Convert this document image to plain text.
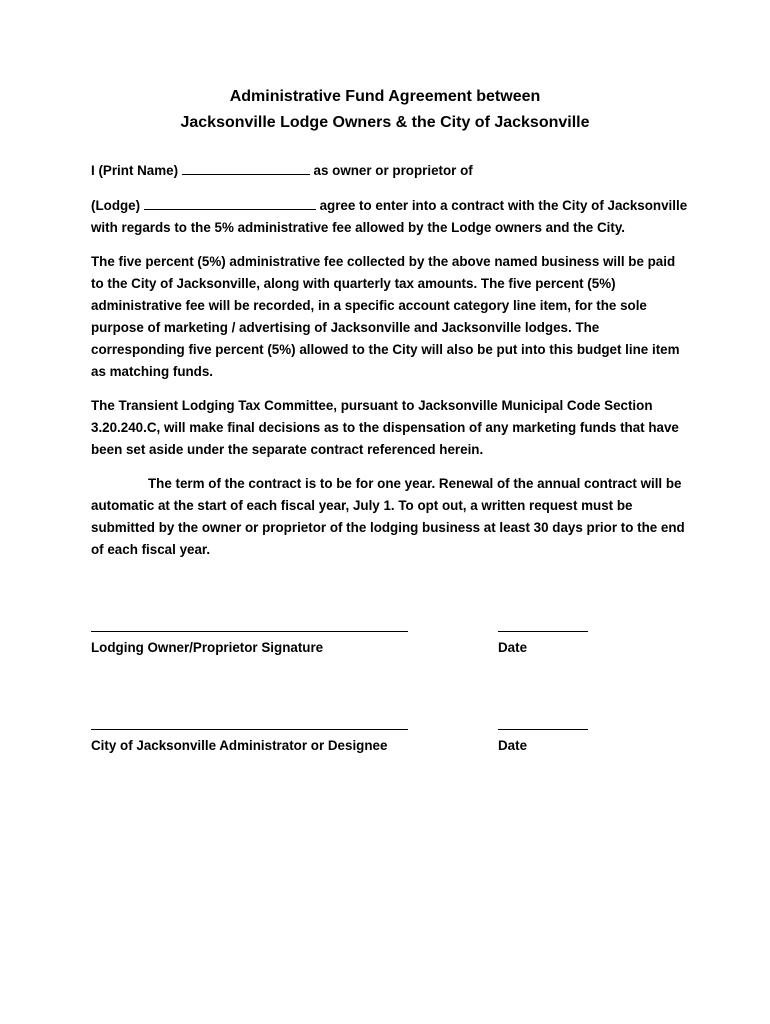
Administrative Fund Agreement between
Jacksonville Lodge Owners & the City of Jacksonville

I (Print Name)	as owner or proprietor of

(Lodge)	agree to enter into a contract with the City of Jacksonville with regards to the 5% administrative fee allowed by the Lodge owners and the City.

The five percent (5%) administrative fee collected by the above named business will be paid to the City of Jacksonville, along with quarterly tax amounts. The five percent (5%) administrative fee will be recorded, in a specific account category line item, for the sole purpose of marketing / advertising of Jacksonville and Jacksonville lodges. The corresponding five percent (5%) allowed to the City will also be put into this budget line item as matching funds.

The Transient Lodging Tax Committee, pursuant to Jacksonville Municipal Code Section 3.20.240.C, will make final decisions as to the dispensation of any marketing funds that have been set aside under the separate contract referenced herein.

The term of the contract is to be for one year. Renewal of the annual contract will be automatic at the start of each fiscal year, July 1. To opt out, a written request must be submitted by the owner or proprietor of the lodging business at least 30 days prior to the end of each fiscal year.

Lodging Owner/Proprietor Signature	Date
City of Jacksonville Administrator or Designee	Date
